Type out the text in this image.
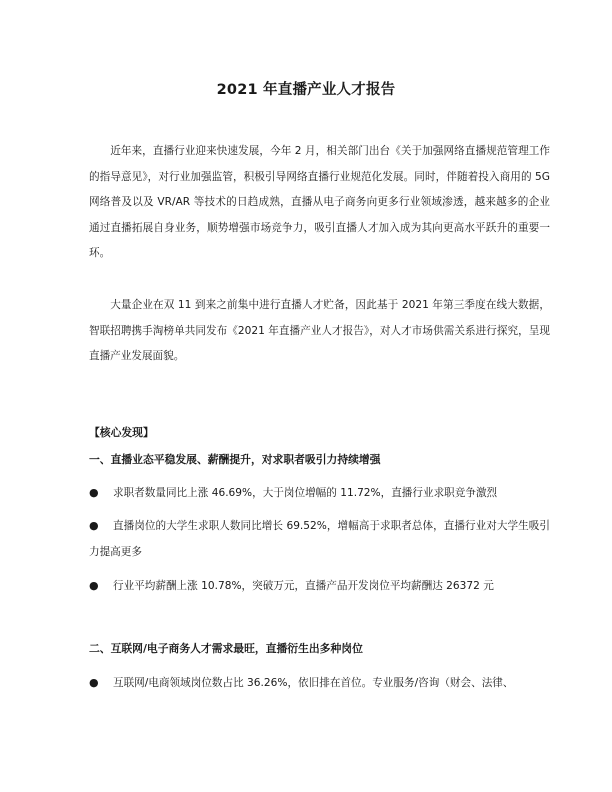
2021 年直播产业人才报告

近年来，直播行业迎来快速发展，今年 2 月，相关部门出台《关于加强网络直播规范管理工作的指导意见》，对行业加强监管，积极引导网络直播行业规范化发展。同时，伴随着投入商用的 5G 网络普及以及 VR/AR 等技术的日趋成熟，直播从电子商务向更多行业领域渗透，越来越多的企业通过直播拓展自身业务，顺势增强市场竞争力，吸引直播人才加入成为其向更高水平跃升的重要一环。

大量企业在双 11 到来之前集中进行直播人才贮备，因此基于 2021 年第三季度在线大数据，智联招聘携手淘榜单共同发布《2021 年直播产业人才报告》，对人才市场供需关系进行探究，呈现直播产业发展面貌。

【核心发现】
一、直播业态平稳发展、薪酬提升，对求职者吸引力持续增强

● 求职者数量同比上涨 46.69%，大于岗位增幅的 11.72%，直播行业求职竞争激烈

● 直播岗位的大学生求职人数同比增长 69.52%，增幅高于求职者总体，直播行业对大学生吸引力提高更多

● 行业平均薪酬上涨 10.78%，突破万元，直播产品开发岗位平均薪酬达 26372 元

二、互联网/电子商务人才需求最旺，直播衍生出多种岗位

● 互联网/电商领域岗位数占比 36.26%，依旧排在首位。专业服务/咨询（财会、法律、
